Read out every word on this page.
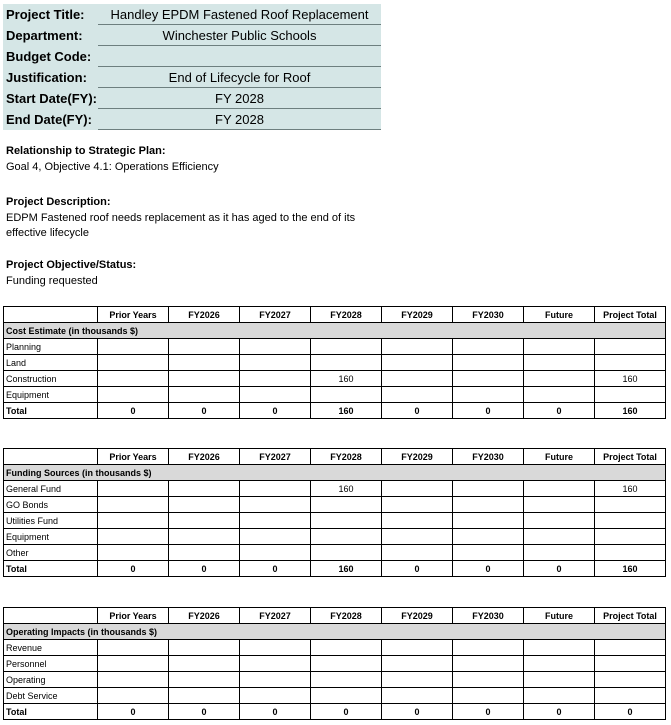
Project Title:	Handley EPDM Fastened Roof Replacement
Department:	Winchester Public Schools
Budget Code:	
Justification:	End of Lifecycle for Roof
Start Date(FY):	FY 2028
End Date(FY):	FY 2028
Relationship to Strategic Plan:
Goal 4, Objective 4.1: Operations Efficiency
Project Description:
EDPM Fastened roof needs replacement as it has aged to the end of its
effective lifecycle
Project Objective/Status:
Funding requested
	Prior Years	FY2026	FY2027	FY2028	FY2029	FY2030	Future	Project Total
Cost Estimate (in thousands $)								
Planning								
Land								
Construction				160				160
Equipment								
Total	0	0	0	160	0	0	0	160
	Prior Years	FY2026	FY2027	FY2028	FY2029	FY2030	Future	Project Total
Funding Sources (in thousands $)								
General Fund				160				160
GO Bonds								
Utilities Fund								
Equipment								
Other								
Total	0	0	0	160	0	0	0	160
	Prior Years	FY2026	FY2027	FY2028	FY2029	FY2030	Future	Project Total
Operating Impacts (in thousands $)								
Revenue								
Personnel								
Operating								
Debt Service								
Total	0	0	0	0	0	0	0	0
